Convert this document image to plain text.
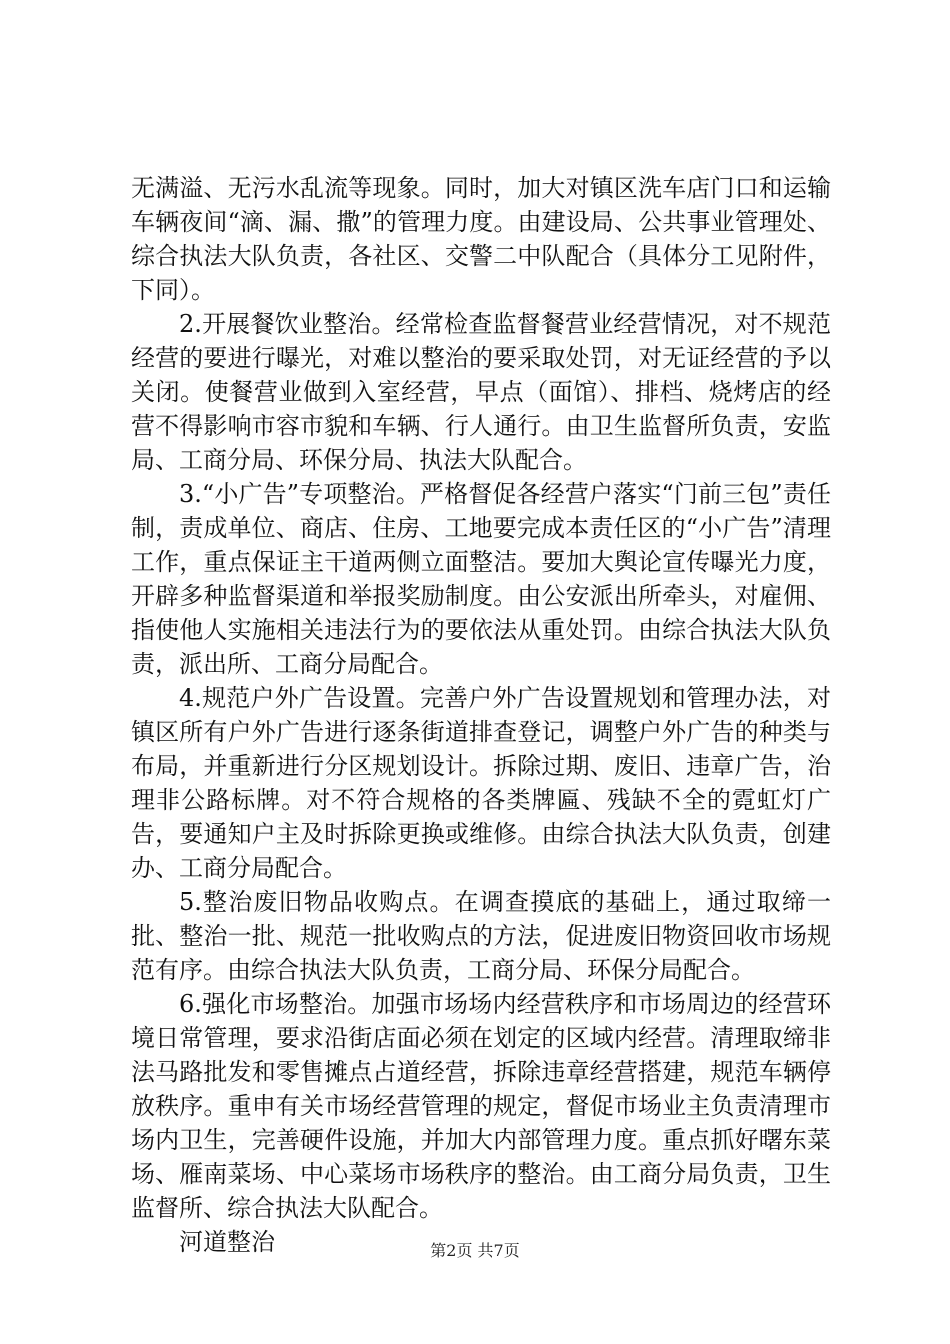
无满溢、无污水乱流等现象。同时，加大对镇区洗车店门口和运输车辆夜间“滴、漏、撒”的管理力度。由建设局、公共事业管理处、综合执法大队负责，各社区、交警二中队配合（具体分工见附件，下同）。

2.开展餐饮业整治。经常检查监督餐营业经营情况，对不规范经营的要进行曝光，对难以整治的要采取处罚，对无证经营的予以关闭。使餐营业做到入室经营，早点（面馆）、排档、烧烤店的经营不得影响市容市貌和车辆、行人通行。由卫生监督所负责，安监局、工商分局、环保分局、执法大队配合。

3.“小广告”专项整治。严格督促各经营户落实“门前三包”责任制，责成单位、商店、住房、工地要完成本责任区的“小广告”清理工作，重点保证主干道两侧立面整洁。要加大舆论宣传曝光力度，开辟多种监督渠道和举报奖励制度。由公安派出所牵头，对雇佣、指使他人实施相关违法行为的要依法从重处罚。由综合执法大队负责，派出所、工商分局配合。

4.规范户外广告设置。完善户外广告设置规划和管理办法，对镇区所有户外广告进行逐条街道排查登记，调整户外广告的种类与布局，并重新进行分区规划设计。拆除过期、废旧、违章广告，治理非公路标牌。对不符合规格的各类牌匾、残缺不全的霓虹灯广告，要通知户主及时拆除更换或维修。由综合执法大队负责，创建办、工商分局配合。

5.整治废旧物品收购点。在调查摸底的基础上，通过取缔一批、整治一批、规范一批收购点的方法，促进废旧物资回收市场规范有序。由综合执法大队负责，工商分局、环保分局配合。

6.强化市场整治。加强市场场内经营秩序和市场周边的经营环境日常管理，要求沿街店面必须在划定的区域内经营。清理取缔非法马路批发和零售摊点占道经营，拆除违章经营搭建，规范车辆停放秩序。重申有关市场经营管理的规定，督促市场业主负责清理市场内卫生，完善硬件设施，并加大内部管理力度。重点抓好曙东菜场、雁南菜场、中心菜场市场秩序的整治。由工商分局负责，卫生监督所、综合执法大队配合。

河道整治	第2页 共7页
